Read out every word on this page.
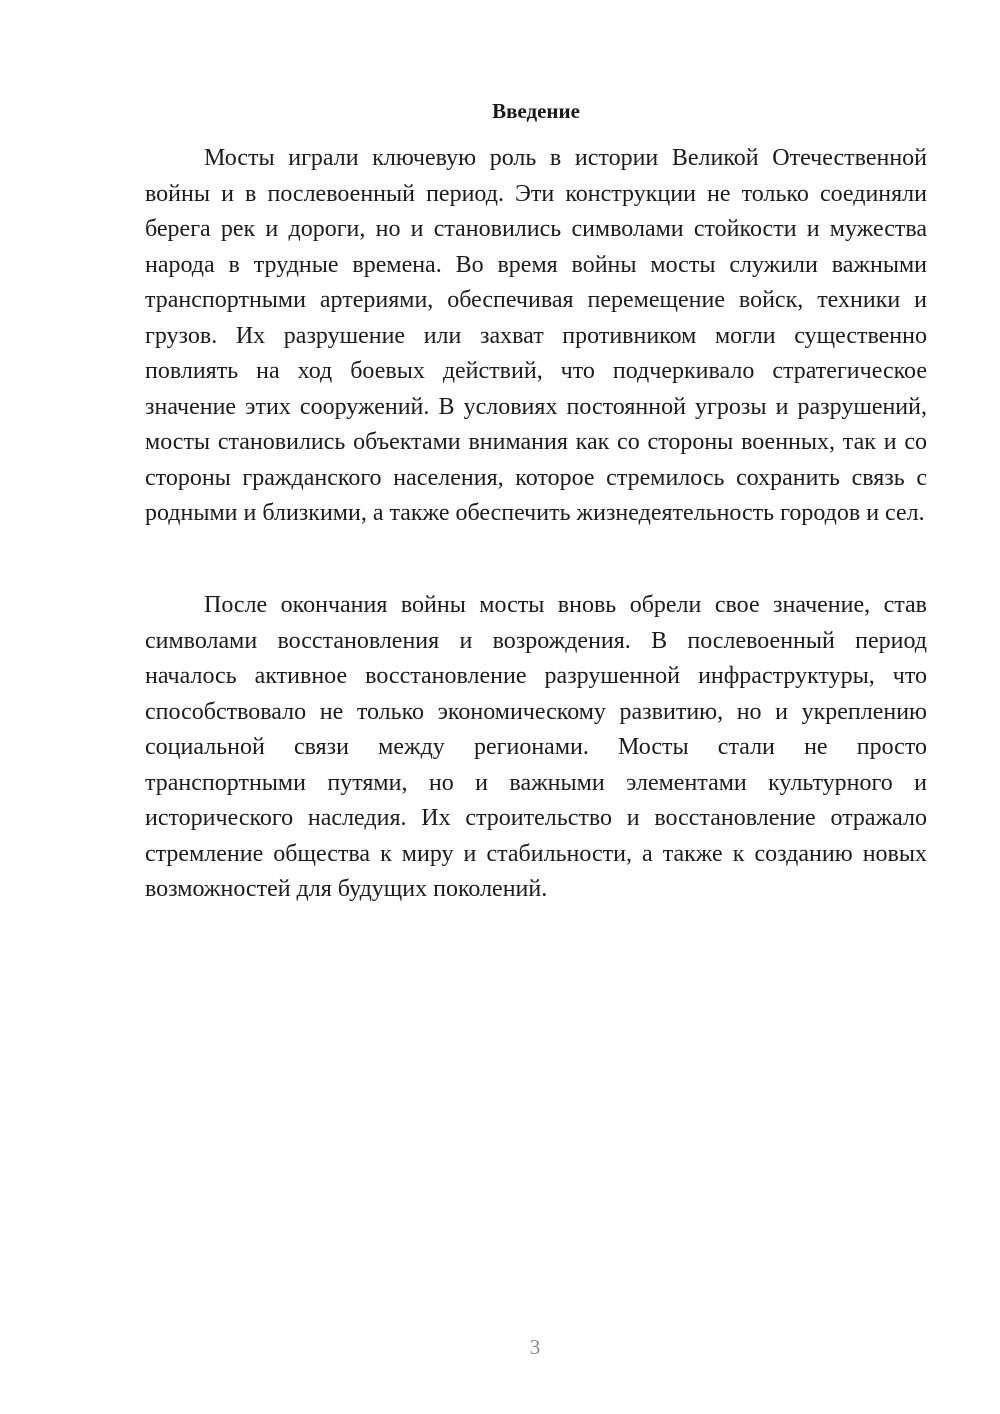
Введение

Мосты играли ключевую роль в истории Великой Отечественной войны и в послевоенный период. Эти конструкции не только соединяли берега рек и дороги, но и становились символами стойкости и мужества народа в трудные времена. Во время войны мосты служили важными транспортными артериями, обеспечивая перемещение войск, техники и грузов. Их разрушение или захват противником могли существенно повлиять на ход боевых действий, что подчеркивало стратегическое значение этих сооружений. В условиях постоянной угрозы и разрушений, мосты становились объектами внимания как со стороны военных, так и со стороны гражданского населения, которое стремилось сохранить связь с родными и близкими, а также обеспечить жизнедеятельность городов и сел.

После окончания войны мосты вновь обрели свое значение, став символами восстановления и возрождения. В послевоенный период началось активное восстановление разрушенной инфраструктуры, что способствовало не только экономическому развитию, но и укреплению социальной связи между регионами. Мосты стали не просто транспортными путями, но и важными элементами культурного и исторического наследия. Их строительство и восстановление отражало стремление общества к миру и стабильности, а также к созданию новых возможностей для будущих поколений.

3
